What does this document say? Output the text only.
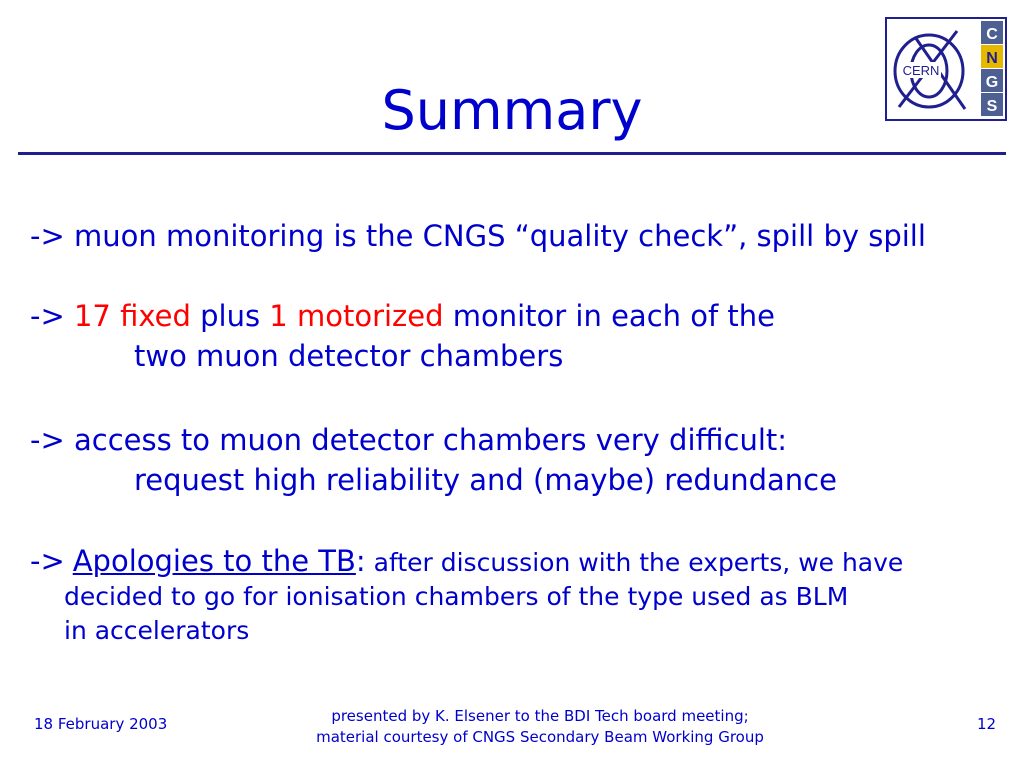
Summary
CERN
C
N
G
S
-> muon monitoring is the CNGS “quality check”, spill by spill
-> 17 fixed plus 1 motorized monitor in each of the
two muon detector chambers
-> access to muon detector chambers very difficult:
request high reliability and (maybe) redundance
-> Apologies to the TB: after discussion with the experts, we have
decided to go for ionisation chambers of the type used as BLM
in accelerators
18 February 2003	presented by K. Elsener to the BDI Tech board meeting;
material courtesy of CNGS Secondary Beam Working Group
12
